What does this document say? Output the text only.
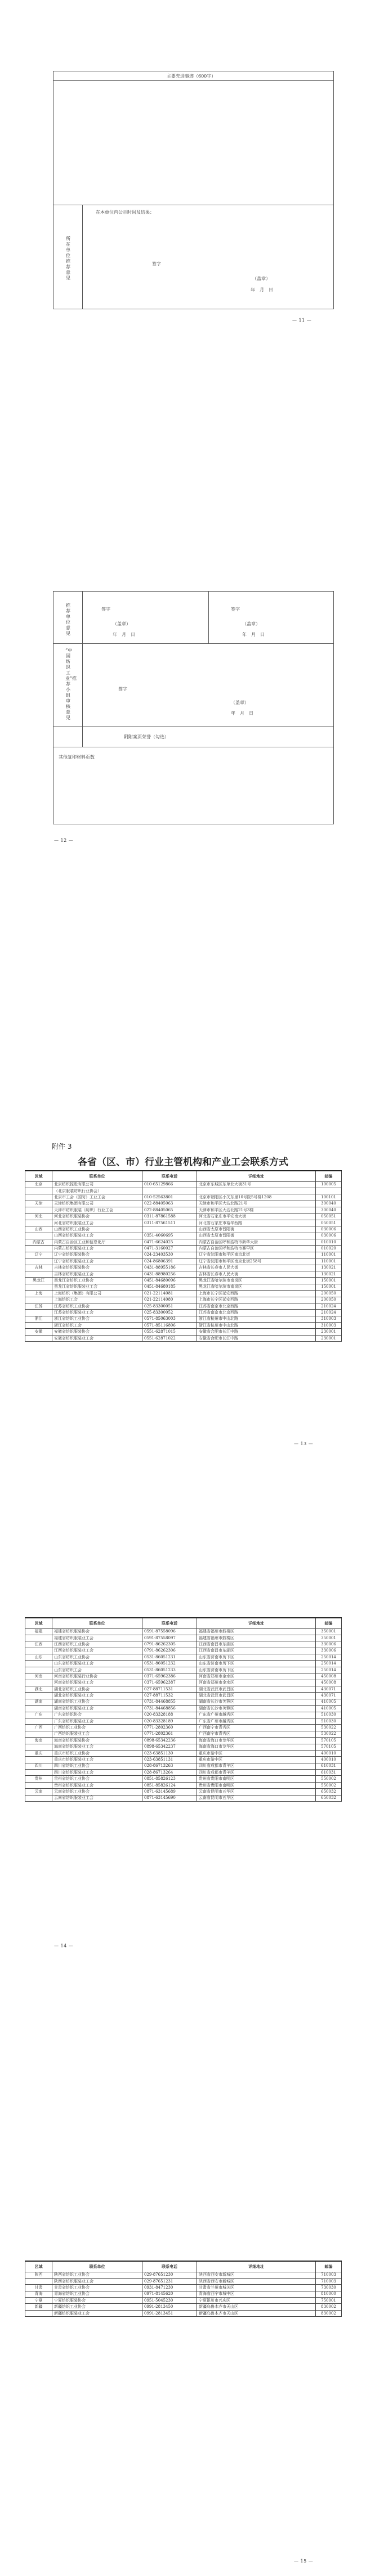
主要先进事迹（600字）
所在单位推荐意见
在本单位内公示时间及结果：
签字
（盖章）
年　月　日
— 11 —
推荐单位意见
签字
（盖章）
年　月　日
签字
（盖章）
年　月　日
“中国纺织工业”推荐小组审核意见
签字
（盖章）
年　月　日
附附案页荣誉（勾选）
其他复印材料页数
— 12 —
附件 3
各省（区、市）行业主管机构和产业工会联系方式
区域	联系单位	联系电话	详细地址	邮编
北京	北京纺织控股有限公司	010-65129866	北京市东城区东单北大街31号	100005
	（北京服装纺织行业协会）			
	北京市工会（国防）工业工会	010-52563801	北京市朝阳区小关东里10号院5号楼1208	100101
天津	天津纺织集团有限公司	022-88405063	天津市和平区大沽北路21号	300040
	天津市纺织服装（纺织）行业工会	022-88405065	天津市和平区大沽北路21号3楼	300040
河北	河北省纺织服装协会	0311-87861588	河北省石家庄市平安南大街	050051
	河北省纺织服装业工会	0311-87561511	河北省石家庄市裕华西路	050051
山西	山西省纺织工业协会		山西省太原市晋阳街	030006
	山西省纺织服装业工会	0351-4060695	山西省太原市晋阳街	030006
内蒙古	内蒙古自治区工业和信息化厅	0471-6624025	内蒙古自治区呼和浩特市新华大街	010010
	内蒙古纺织服装业工会	0471-3160027	内蒙古自治区呼和浩特市赛罕区	010020
辽宁	辽宁省纺织服装协会	024-23403530	辽宁省沈阳市和平区南京北街	110001
	辽宁省纺织服装业工会	024-86806391	辽宁省沈阳市和平区南京北街258号	110001
吉林	吉林省纺织服装协会	0431-88955186	吉林省长春市人民大街	130021
	吉林省纺织服装业工会	0431-88980256	吉林省长春市人民大街	130021
黑龙江	黑龙江省纺织工业协会	0451-84680096	黑龙江省哈尔滨市南岗区	150001
	黑龙江省纺织服装业工会	0451-84680185	黑龙江省哈尔滨市南岗区	150001
上海	上海纺织（集团）有限公司	021-22114081	上海市长宁区延安西路	200050
	上海纺织工会	021-22114080	上海市长宁区延安西路	200050
江苏	江苏省纺织工业协会	025-83300051	江苏省南京市北京西路	210024
	江苏省纺织服装业工会	025-83300052	江苏省南京市北京西路	210024
浙江	浙江省纺织工业协会	0571-85063003	浙江省杭州市中山北路	310003
	浙江省纺织工会	0571-85116806	浙江省杭州市中山北路	310003
安徽	安徽省纺织服装协会	0551-62871015	安徽省合肥市长江中路	230001
	安徽省纺织服装业工会	0551-62871022	安徽省合肥市长江中路	230001
— 13 —
区域	联系单位	联系电话	详细地址	邮编
福建	福建省纺织服装协会	0591-87558096	福建省福州市鼓楼区	350001
	福建省纺织服装业工会	0591-87558097	福建省福州市鼓楼区	350001
江西	江西省纺织工业协会	0791-86262305	江西省南昌市东湖区	330006
	江西省纺织服装业工会	0791-86262306	江西省南昌市东湖区	330006
山东	山东省纺织工业协会	0531-86051231	山东省济南市历下区	250014
	山东省纺织服装业工会	0531-86051232	山东省济南市历下区	250014
	山东省纺织工会	0531-86051233	山东省济南市历下区	250014
河南	河南省纺织服装行业协会	0371-65962386	河南省郑州市金水区	450008
	河南省纺织服装业工会	0371-65962387	河南省郑州市金水区	450008
湖北	湖北省纺织工业协会	027-88711531	湖北省武汉市武昌区	430071
	湖北省纺织服装业工会	027-88711532	湖北省武汉市武昌区	430071
湖南	湖南省纺织工业协会	0731-84468855	湖南省长沙市芙蓉区	410005
	湖南省纺织服装业工会	0731-84468856	湖南省长沙市芙蓉区	410005
广东	广东省纺织协会	020-83328188	广东省广州市越秀区	510030
	广东省纺织服装业工会	020-83328189	广东省广州市越秀区	510030
广西	广西纺织工业协会	0771-2802360	广西南宁市青秀区	530022
	广西纺织服装业工会	0771-2802361	广西南宁市青秀区	530022
海南	海南省纺织服装协会	0898-65342236	海南省海口市龙华区	570105
	海南省纺织服装业工会	0898-65342237	海南省海口市龙华区	570105
重庆	重庆市纺织工业协会	023-63851130	重庆市渝中区	400010
	重庆市纺织服装业工会	023-63851131	重庆市渝中区	400010
四川	四川省纺织工业协会	028-86713263	四川省成都市青羊区	610031
	四川省纺织服装业工会	028-86713264	四川省成都市青羊区	610031
贵州	贵州省纺织工业协会	0851-85826123	贵州省贵阳市南明区	550002
	贵州省纺织服装业工会	0851-85826124	贵州省贵阳市南明区	550002
云南	云南省纺织工业协会	0871-63145689	云南省昆明市五华区	650032
	云南省纺织服装业工会	0871-63145690	云南省昆明市五华区	650032
— 14 —
区域	联系单位	联系电话	详细地址	邮编
陕西	陕西省纺织工业协会	029-87651230	陕西省西安市新城区	710003
	陕西省纺织服装业工会	029-87651231	陕西省西安市新城区	710003
甘肃	甘肃省纺织工业协会	0931-8471230	甘肃省兰州市城关区	730030
青海	青海省纺织工业协会	0971-8145620	青海省西宁市城中区	810000
宁夏	宁夏纺织服装协会	0951-5045230	宁夏银川市兴庆区	750001
新疆	新疆纺织工业协会	0991-2813450	新疆乌鲁木齐市天山区	830002
	新疆纺织服装业工会	0991-2813451	新疆乌鲁木齐市天山区	830002
— 15 —
